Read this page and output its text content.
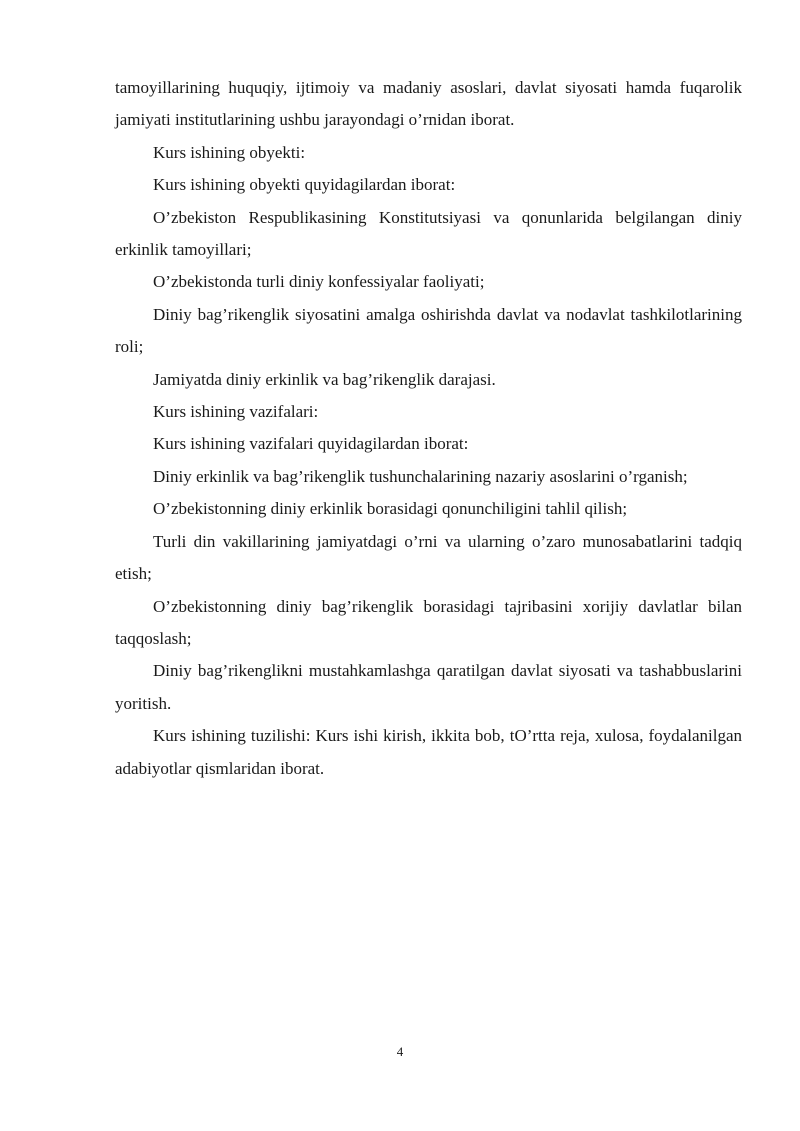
tamoyillarining huquqiy, ijtimoiy va madaniy asoslari, davlat siyosati hamda fuqarolik jamiyati institutlarining ushbu jarayondagi o’rnidan iborat.

Kurs ishining obyekti:

Kurs ishining obyekti quyidagilardan iborat:

O’zbekiston Respublikasining Konstitutsiyasi va qonunlarida belgilangan diniy erkinlik tamoyillari;

O’zbekistonda turli diniy konfessiyalar faoliyati;

Diniy bag’rikenglik siyosatini amalga oshirishda davlat va nodavlat tashkilotlarining roli;

Jamiyatda diniy erkinlik va bag’rikenglik darajasi.

Kurs ishining vazifalari:

Kurs ishining vazifalari quyidagilardan iborat:

Diniy erkinlik va bag’rikenglik tushunchalarining nazariy asoslarini o’rganish;

O’zbekistonning diniy erkinlik borasidagi qonunchiligini tahlil qilish;

Turli din vakillarining jamiyatdagi o’rni va ularning o’zaro munosabatlarini tadqiq etish;

O’zbekistonning diniy bag’rikenglik borasidagi tajribasini xorijiy davlatlar bilan taqqoslash;

Diniy bag’rikenglikni mustahkamlashga qaratilgan davlat siyosati va tashabbuslarini yoritish.

Kurs ishining tuzilishi: Kurs ishi kirish, ikkita bob, tO’rtta reja, xulosa, foydalanilgan adabiyotlar qismlaridan iborat.

4
